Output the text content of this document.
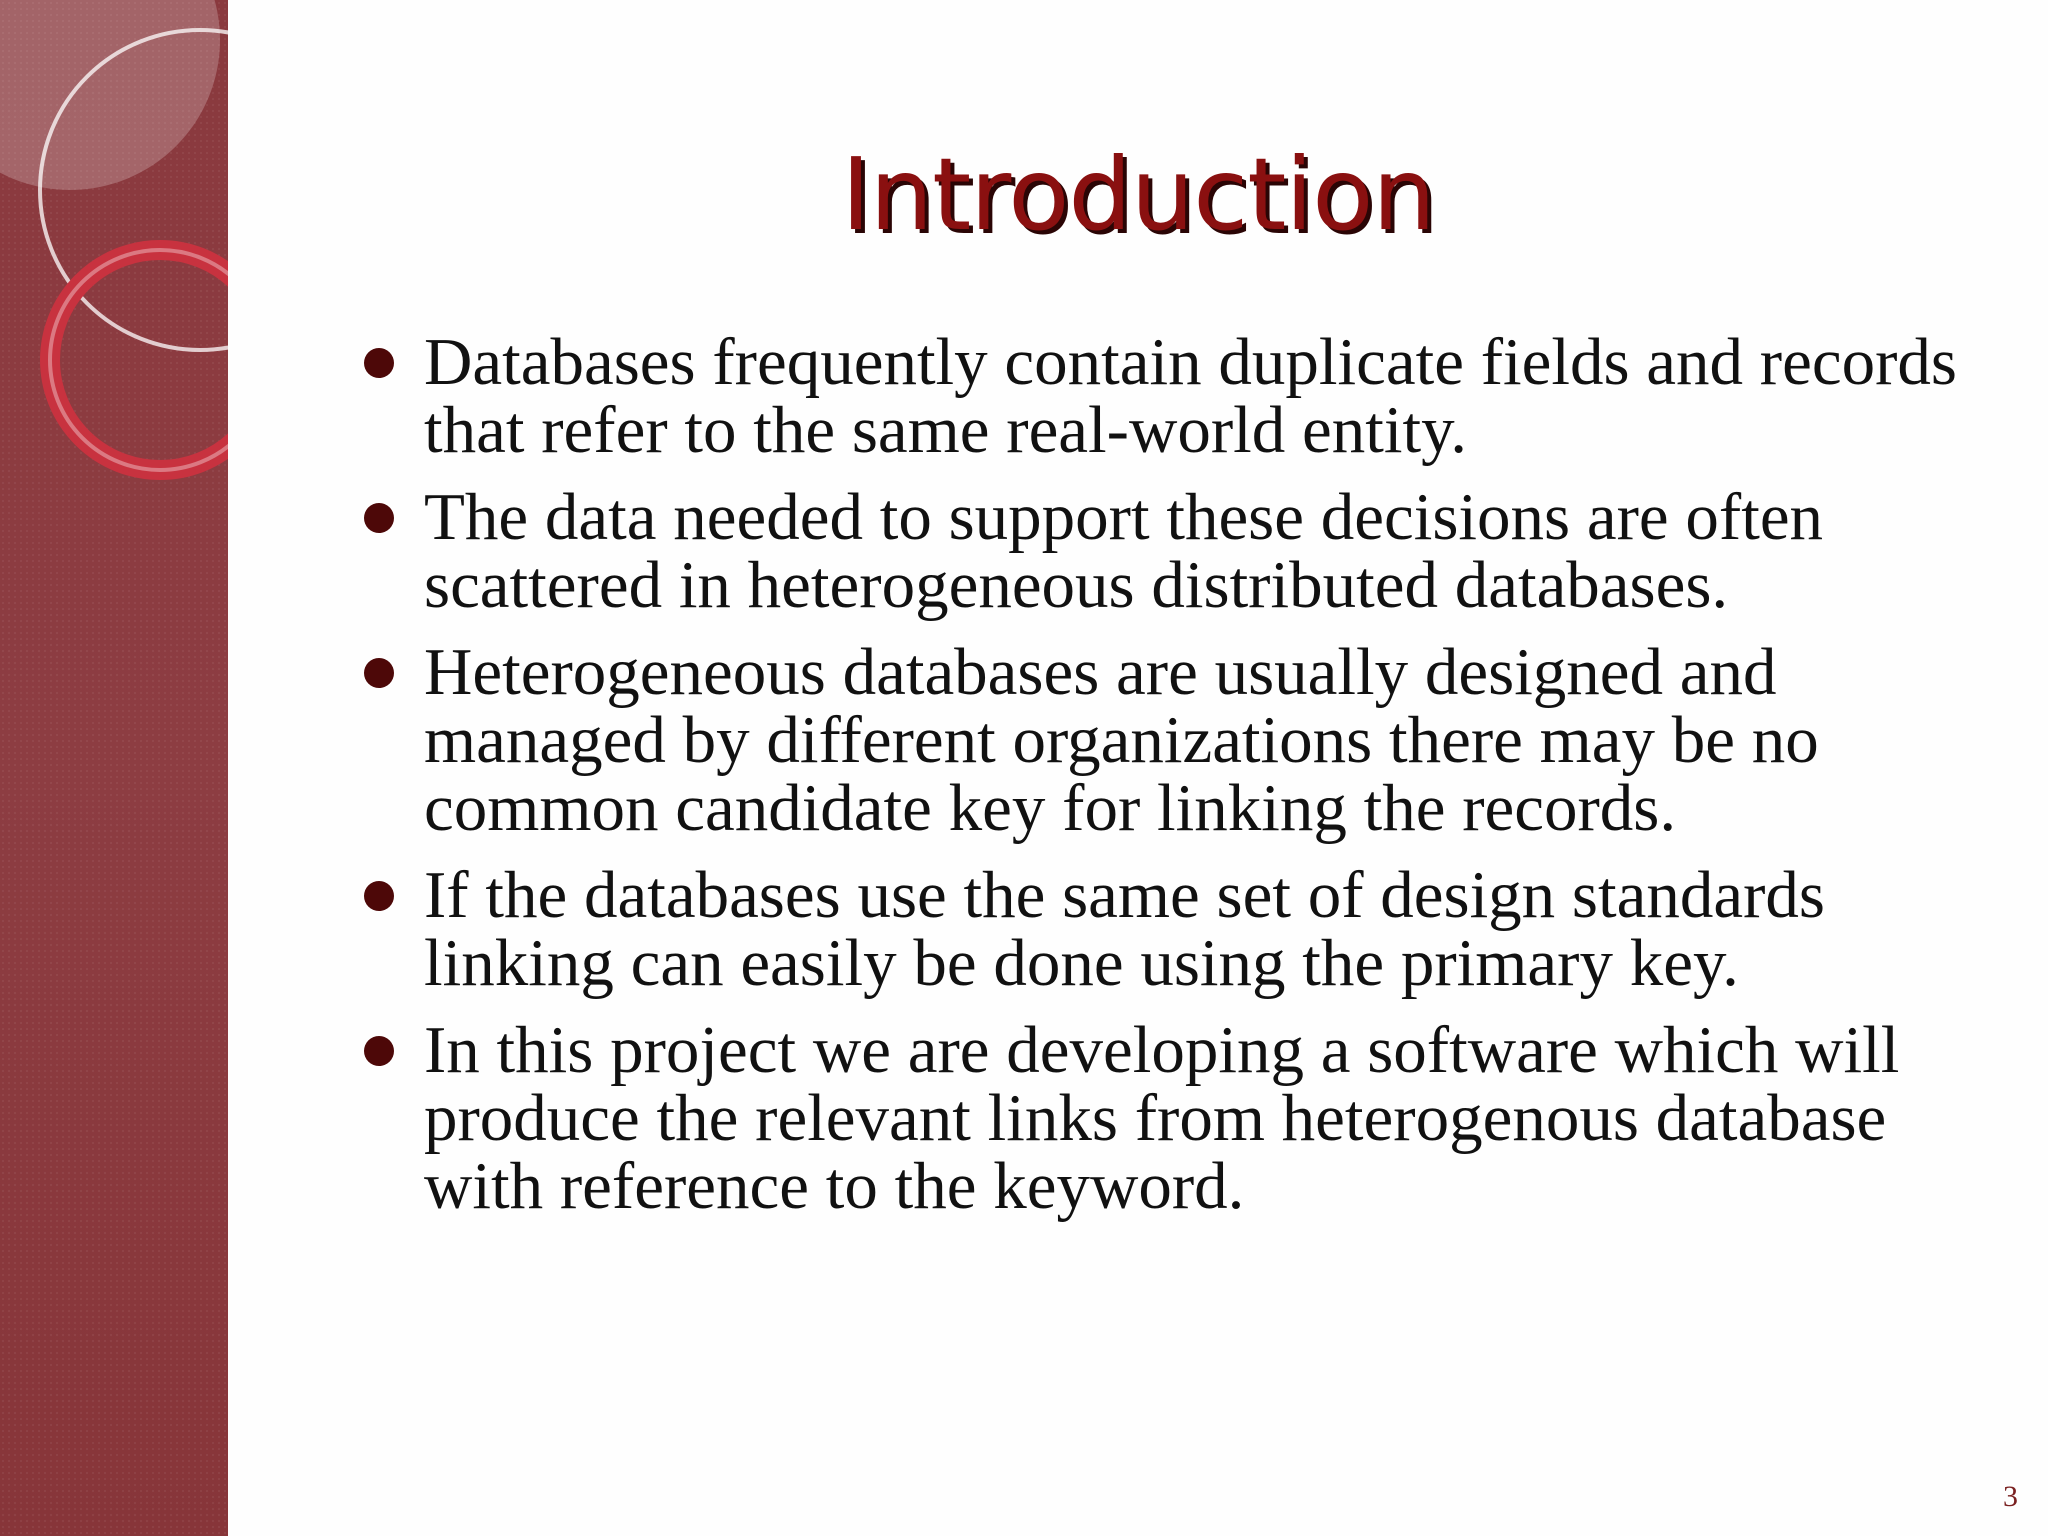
Introduction
Databases frequently contain duplicate fields and records that refer to the same real-world entity.
The data needed to support these decisions are often scattered in heterogeneous distributed databases.
Heterogeneous databases are usually designed and managed by different organizations there may be no common candidate key for linking the records.
If the databases use the same set of design standards linking can easily be done using the primary key.
In this project we are developing a software which will produce the relevant links from heterogenous database with reference to the keyword.
3
